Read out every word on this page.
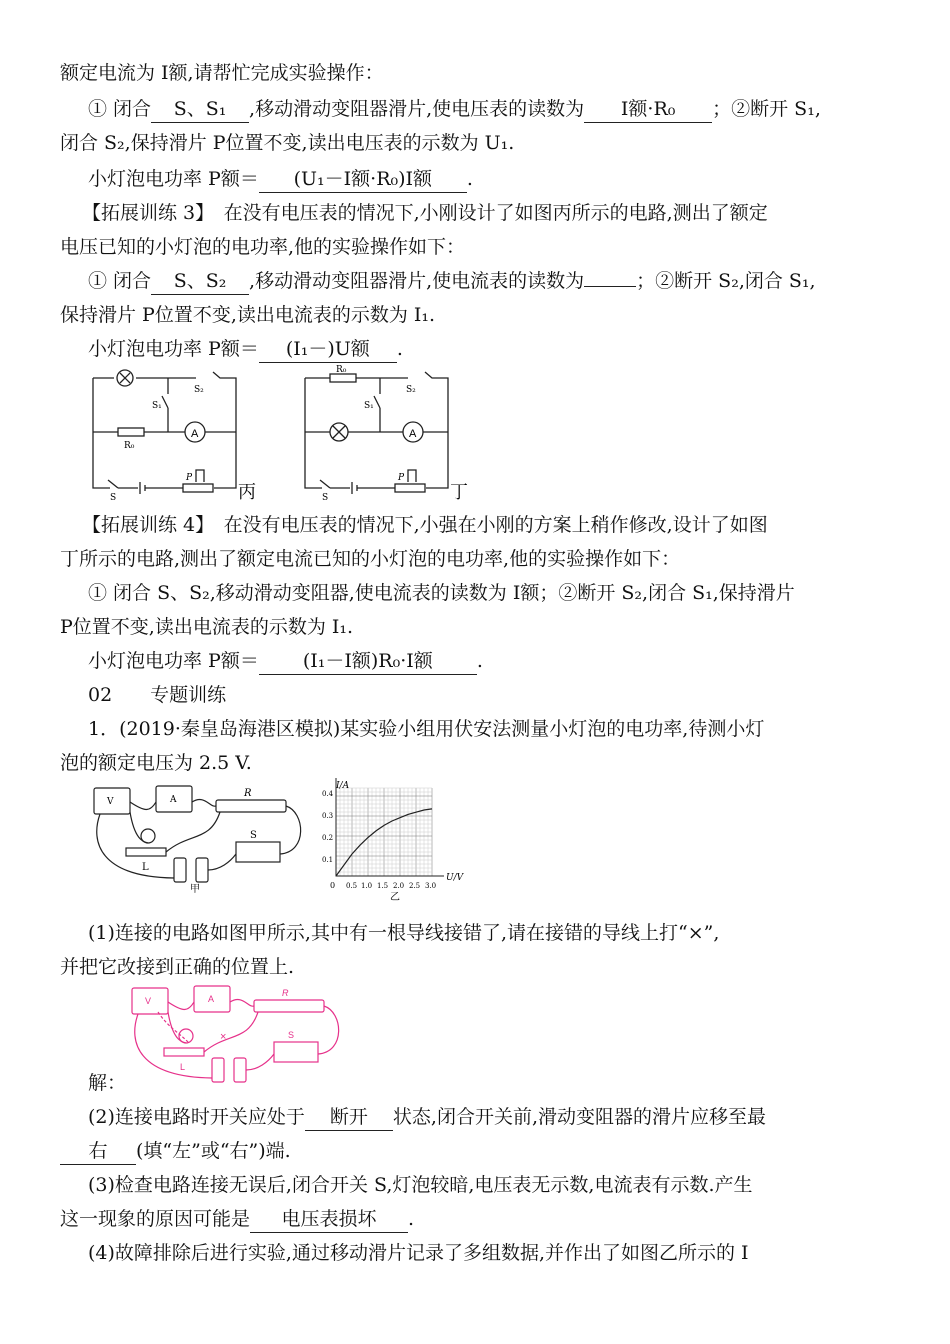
额定电流为 I额,请帮忙完成实验操作：
① 闭合 S、S₁ ,移动滑动变阻器滑片,使电压表的读数为 I额·R₀ ；②断开 S₁,
闭合 S₂,保持滑片 P位置不变,读出电压表的示数为 U₁.
小灯泡电功率 P额＝ (U₁－I额·R₀)I额 .
【拓展训练 3】　在没有电压表的情况下,小刚设计了如图丙所示的电路,测出了额定
电压已知的小灯泡的电功率,他的实验操作如下：
① 闭合 S、S₂ ,移动滑动变阻器滑片,使电流表的读数为	；②断开 S₂,闭合 S₁,
保持滑片 P位置不变,读出电流表的示数为 I₁.
小灯泡电功率 P额＝ (I₁－)U额 .
A
S₂
S₁
R₀
S
P
丙
A
R₀
S₂
S₁
S
P
丁
【拓展训练 4】　在没有电压表的情况下,小强在小刚的方案上稍作修改,设计了如图
丁所示的电路,测出了额定电流已知的小灯泡的电功率,他的实验操作如下：
① 闭合 S、S₂,移动滑动变阻器,使电流表的读数为 I额；②断开 S₂,闭合 S₁,保持滑片
P位置不变,读出电流表的示数为 I₁.
小灯泡电功率 P额＝ (I₁－I额)R₀·I额 .
02　　专题训练
1．(2019·秦皇岛海港区模拟)某实验小组用伏安法测量小灯泡的电功率,待测小灯
泡的额定电压为 2.5 V.
V	A
R
S
L
甲
I/A
U/V
0 0.5 1.0 1.5 2.0 2.5 3.0
0.1
0.2
0.3
0.4
乙
(1)连接的电路如图甲所示,其中有一根导线接错了,请在接错的导线上打“×”,
并把它改接到正确的位置上.
V	A
R
S
L
×
解：
(2)连接电路时开关应处于 断开 状态,闭合开关前,滑动变阻器的滑片应移至最
右 (填“左”或“右”)端.
(3)检查电路连接无误后,闭合开关 S,灯泡较暗,电压表无示数,电流表有示数.产生
这一现象的原因可能是 电压表损坏 .
(4)故障排除后进行实验,通过移动滑片记录了多组数据,并作出了如图乙所示的 I
